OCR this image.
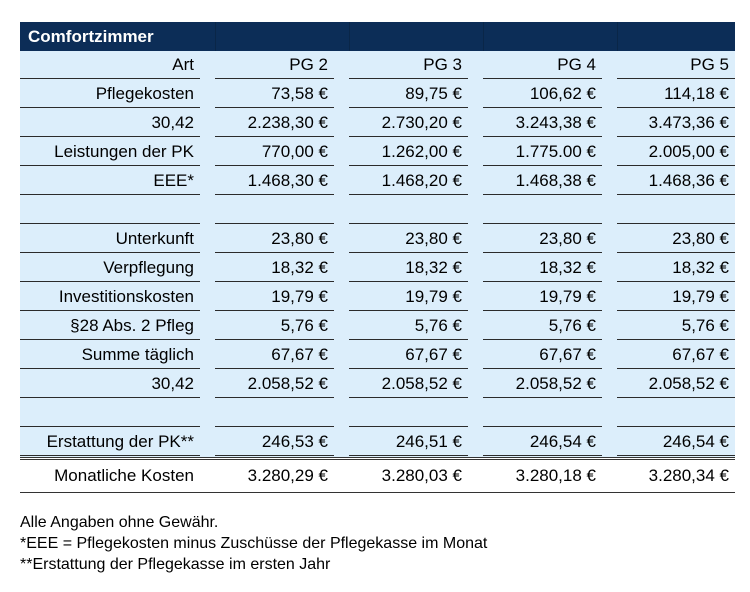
Comfortzimmer
Art	PG 2	PG 3	PG 4	PG 5
Pflegekosten	73,58 €	89,75 €	106,62 €	114,18 €
30,42	2.238,30 €	2.730,20 €	3.243,38 €	3.473,36 €
Leistungen der PK	770,00 €	1.262,00 €	1.775.00 €	2.005,00 €
EEE*	1.468,30 €	1.468,20 €	1.468,38 €	1.468,36 €
Unterkunft	23,80 €	23,80 €	23,80 €	23,80 €
Verpflegung	18,32 €	18,32 €	18,32 €	18,32 €
Investitionskosten	19,79 €	19,79 €	19,79 €	19,79 €
§28 Abs. 2 Pfleg	5,76 €	5,76 €	5,76 €	5,76 €
Summe täglich	67,67 €	67,67 €	67,67 €	67,67 €
30,42	2.058,52 €	2.058,52 €	2.058,52 €	2.058,52 €
Erstattung der PK**	246,53 €	246,51 €	246,54 €	246,54 €
Monatliche Kosten	3.280,29 €	3.280,03 €	3.280,18 €	3.280,34 €
Alle Angaben ohne Gewähr.
*EEE = Pflegekosten minus Zuschüsse der Pflegekasse im Monat
**Erstattung der Pflegekasse im ersten Jahr
